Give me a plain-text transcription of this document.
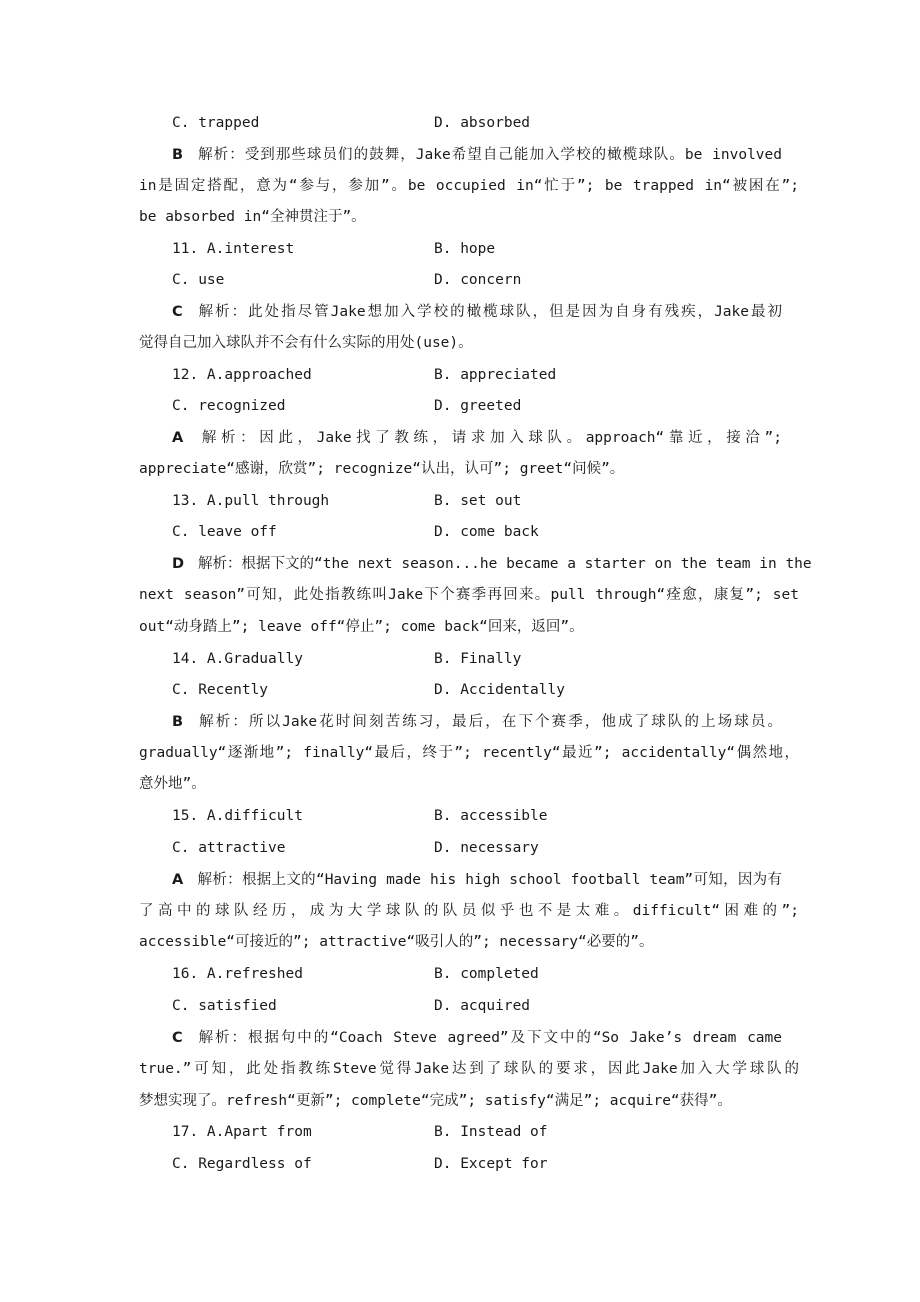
C. trapped	D. absorbed
B 解析：受到那些球员们的鼓舞，Jake希望自己能加入学校的橄榄球队。be involved
in是固定搭配，意为“参与，参加”。be occupied in“忙于”; be trapped in“被困在”;
be absorbed in“全神贯注于”。
11. A.interest	B. hope
C. use	D. concern
C 解析：此处指尽管Jake想加入学校的橄榄球队，但是因为自身有残疾，Jake最初
觉得自己加入球队并不会有什么实际的用处(use)。
12. A.approached	B. appreciated
C. recognized	D. greeted
A 解析：因此，Jake找了教练，请求加入球队。approach“靠近，接洽”;
appreciate“感谢，欣赏”; recognize“认出，认可”; greet“问候”。
13. A.pull through	B. set out
C. leave off	D. come back
D 解析：根据下文的“the next season...he became a starter on the team in the
next season”可知，此处指教练叫Jake下个赛季再回来。pull through“痊愈，康复”; set
out“动身踏上”; leave off“停止”; come back“回来，返回”。
14. A.Gradually	B. Finally
C. Recently	D. Accidentally
B 解析：所以Jake花时间刻苦练习，最后，在下个赛季，他成了球队的上场球员。
gradually“逐渐地”; finally“最后，终于”; recently“最近”; accidentally“偶然地，
意外地”。
15. A.difficult	B. accessible
C. attractive	D. necessary
A 解析：根据上文的“Having made his high school football team”可知，因为有
了高中的球队经历，成为大学球队的队员似乎也不是太难。difficult“困难的”;
accessible“可接近的”; attractive“吸引人的”; necessary“必要的”。
16. A.refreshed	B. completed
C. satisfied	D. acquired
C 解析：根据句中的“Coach Steve agreed”及下文中的“So Jake’s dream came
true.”可知，此处指教练Steve觉得Jake达到了球队的要求，因此Jake加入大学球队的
梦想实现了。refresh“更新”; complete“完成”; satisfy“满足”; acquire“获得”。
17. A.Apart from	B. Instead of
C. Regardless of	D. Except for
